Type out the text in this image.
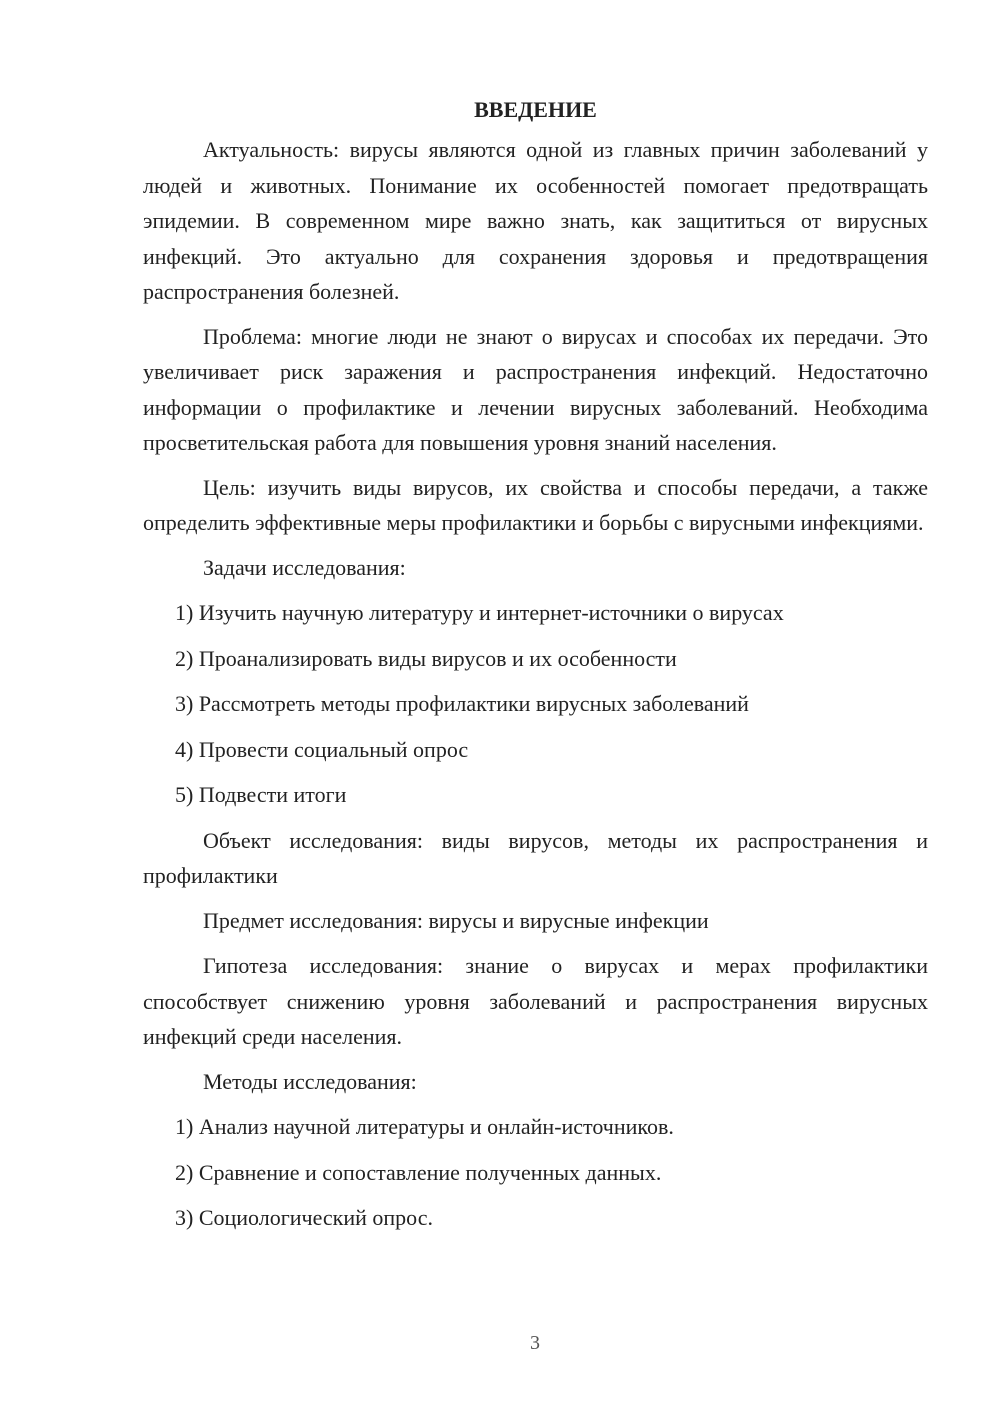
ВВЕДЕНИЕ

Актуальность: вирусы являются одной из главных причин заболеваний у людей и животных. Понимание их особенностей помогает предотвращать эпидемии. В современном мире важно знать, как защититься от вирусных инфекций. Это актуально для сохранения здоровья и предотвращения распространения болезней.

Проблема: многие люди не знают о вирусах и способах их передачи. Это увеличивает риск заражения и распространения инфекций. Недостаточно информации о профилактике и лечении вирусных заболеваний. Необходима просветительская работа для повышения уровня знаний населения.

Цель: изучить виды вирусов, их свойства и способы передачи, а также определить эффективные меры профилактики и борьбы с вирусными инфекциями.

Задачи исследования:

1) Изучить научную литературу и интернет-источники о вирусах
2) Проанализировать виды вирусов и их особенности
3) Рассмотреть методы профилактики вирусных заболеваний
4) Провести социальный опрос
5) Подвести итоги

Объект исследования: виды вирусов, методы их распространения и профилактики

Предмет исследования: вирусы и вирусные инфекции

Гипотеза исследования: знание о вирусах и мерах профилактики способствует снижению уровня заболеваний и распространения вирусных инфекций среди населения.

Методы исследования:

1) Анализ научной литературы и онлайн-источников.
2) Сравнение и сопоставление полученных данных.
3) Социологический опрос.
3
